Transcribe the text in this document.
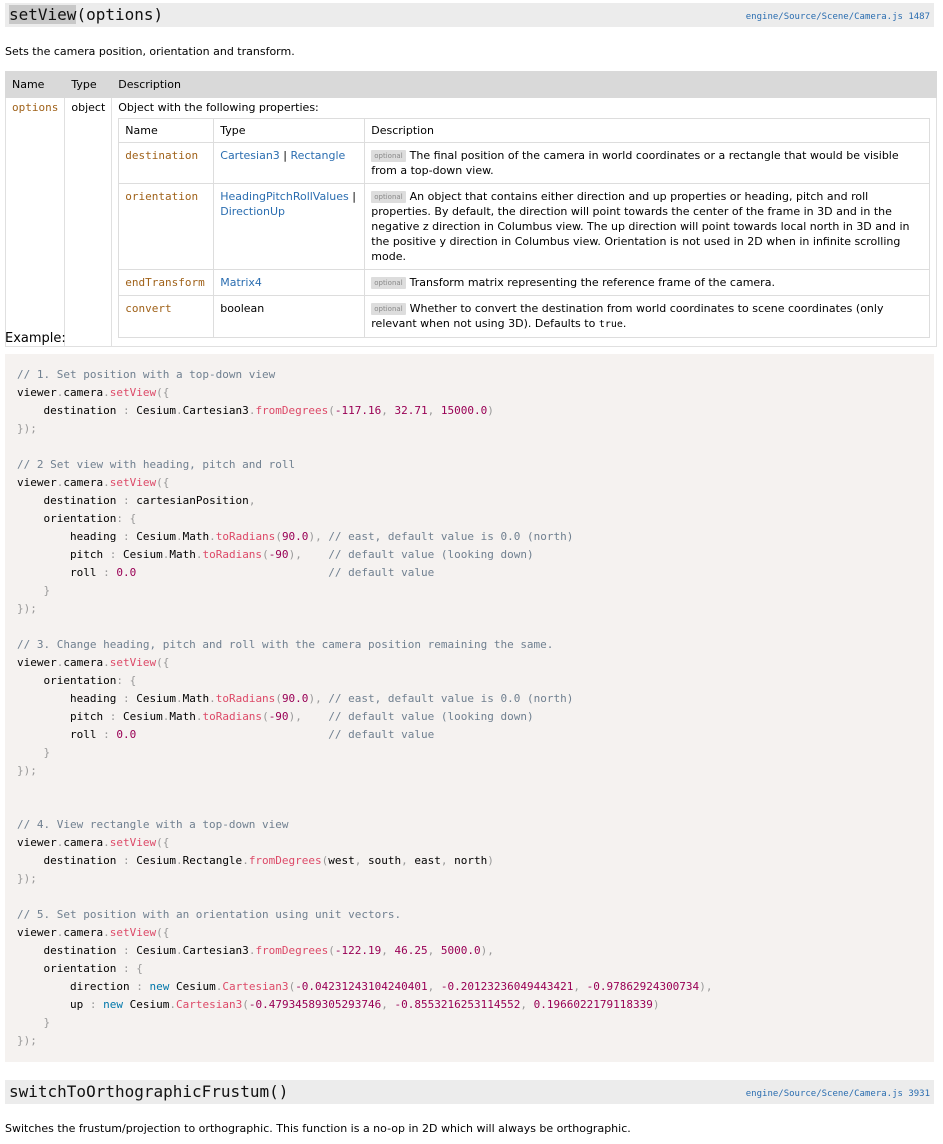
setView(options)	engine/Source/Scene/Camera.js 1487
Sets the camera position, orientation and transform.
Name	Type	Description
options	object	Object with the following properties:
Name	Type	Description
destination	Cartesian3 | Rectangle	optional The final position of the camera in world coordinates or a rectangle that would be visible from a top-down view.
orientation	HeadingPitchRollValues | DirectionUp	optional An object that contains either direction and up properties or heading, pitch and roll properties. By default, the direction will point towards the center of the frame in 3D and in the negative z direction in Columbus view. The up direction will point towards local north in 3D and in the positive y direction in Columbus view. Orientation is not used in 2D when in infinite scrolling mode.
endTransform	Matrix4	optional Transform matrix representing the reference frame of the camera.
convert	boolean	optional Whether to convert the destination from world coordinates to scene coordinates (only relevant when not using 3D). Defaults to true.
Example:
// 1. Set position with a top-down view
viewer.camera.setView({
destination : Cesium.Cartesian3.fromDegrees(-117.16, 32.71, 15000.0)
});

// 2 Set view with heading, pitch and roll
viewer.camera.setView({
destination : cartesianPosition,
orientation: {
heading : Cesium.Math.toRadians(90.0), // east, default value is 0.0 (north)
pitch : Cesium.Math.toRadians(-90), // default value (looking down)
roll : 0.0	// default value
}
});

// 3. Change heading, pitch and roll with the camera position remaining the same.
viewer.camera.setView({
orientation: {
heading : Cesium.Math.toRadians(90.0), // east, default value is 0.0 (north)
pitch : Cesium.Math.toRadians(-90), // default value (looking down)
roll : 0.0	// default value
}
});

// 4. View rectangle with a top-down view
viewer.camera.setView({
destination : Cesium.Rectangle.fromDegrees(west, south, east, north)
});

// 5. Set position with an orientation using unit vectors.
viewer.camera.setView({
destination : Cesium.Cartesian3.fromDegrees(-122.19, 46.25, 5000.0),
orientation : {
direction : new Cesium.Cartesian3(-0.04231243104240401, -0.20123236049443421, -0.97862924300734),
up : new Cesium.Cartesian3(-0.47934589305293746, -0.8553216253114552, 0.1966022179118339)
}
});
switchToOrthographicFrustum()	engine/Source/Scene/Camera.js 3931
Switches the frustum/projection to orthographic. This function is a no-op in 2D which will always be orthographic.
